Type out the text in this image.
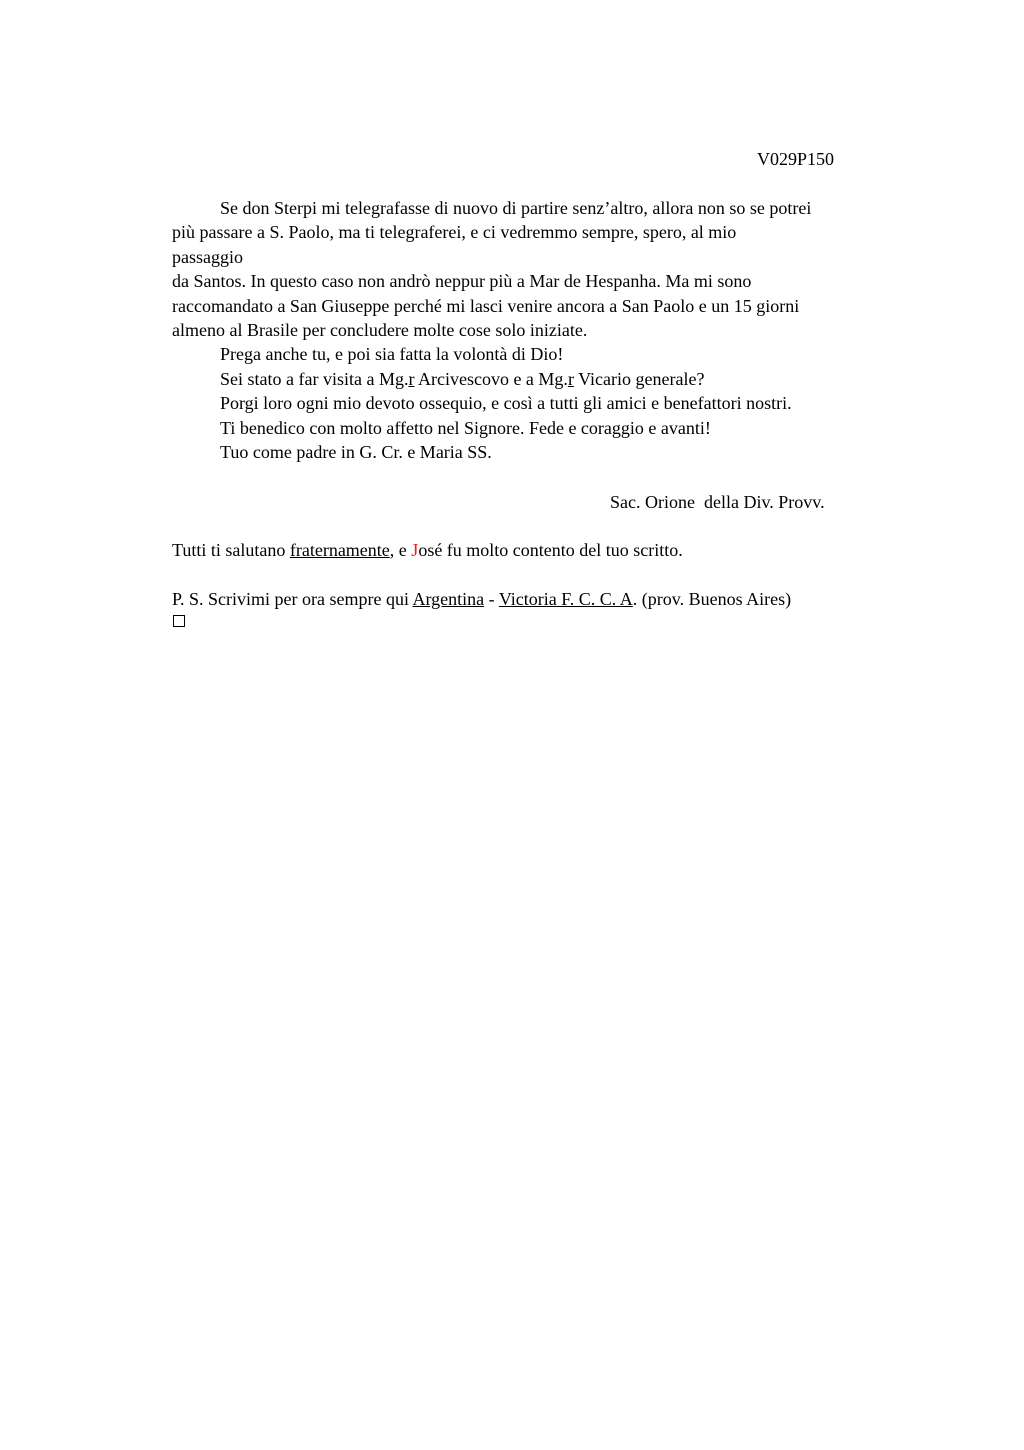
V029P150
Se don Sterpi mi telegrafasse di nuovo di partire senz’altro, allora non so se potrei
più passare a S. Paolo, ma ti telegraferei, e ci vedremmo sempre, spero, al mio
passaggio
da Santos. In questo caso non andrò neppur più a Mar de Hespanha. Ma mi sono
raccomandato a San Giuseppe perché mi lasci venire ancora a San Paolo e un 15 giorni
almeno al Brasile per concludere molte cose solo iniziate.
Prega anche tu, e poi sia fatta la volontà di Dio!
Sei stato a far visita a Mg.r Arcivescovo e a Mg.r Vicario generale?
Porgi loro ogni mio devoto ossequio, e così a tutti gli amici e benefattori nostri.
Ti benedico con molto affetto nel Signore. Fede e coraggio e avanti!
Tuo come padre in G. Cr. e Maria SS.
Sac. Orione  della Div. Provv.
Tutti ti salutano fraternamente, e José fu molto contento del tuo scritto.
P. S. Scrivimi per ora sempre qui Argentina - Victoria F. C. C. A. (prov. Buenos Aires)
